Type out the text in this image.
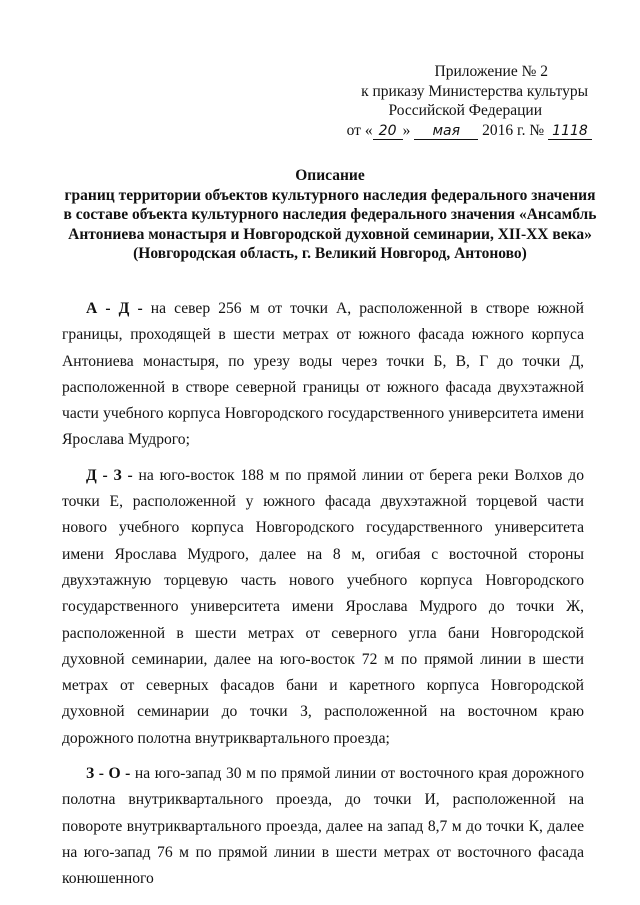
Приложение № 2
к приказу Министерства культуры
Российской Федерации
от « 20 » мая 2016 г. № 1118
Описание
границ территории объектов культурного наследия федерального значения
в составе объекта культурного наследия федерального значения «Ансамбль
Антониева монастыря и Новгородской духовной семинарии, XII-XX века»
(Новгородская область, г. Великий Новгород, Антоново)

А - Д - на север 256 м от точки А, расположенной в створе южной границы, проходящей в шести метрах от южного фасада южного корпуса Антониева монастыря, по урезу воды через точки Б, В, Г до точки Д, расположенной в створе северной границы от южного фасада двухэтажной части учебного корпуса Новгородского государственного университета имени Ярослава Мудрого;

Д - З - на юго-восток 188 м по прямой линии от берега реки Волхов до точки Е, расположенной у южного фасада двухэтажной торцевой части нового учебного корпуса Новгородского государственного университета имени Ярослава Мудрого, далее на 8 м, огибая с восточной стороны двухэтажную торцевую часть нового учебного корпуса Новгородского государственного университета имени Ярослава Мудрого до точки Ж, расположенной в шести метрах от северного угла бани Новгородской духовной семинарии, далее на юго-восток 72 м по прямой линии в шести метрах от северных фасадов бани и каретного корпуса Новгородской духовной семинарии до точки З, расположенной на восточном краю дорожного полотна внутриквартального проезда;

З - О - на юго-запад 30 м по прямой линии от восточного края дорожного полотна внутриквартального проезда, до точки И, расположенной на повороте внутриквартального проезда, далее на запад 8,7 м до точки К, далее на юго-запад 76 м по прямой линии в шести метрах от восточного фасада конюшенного
